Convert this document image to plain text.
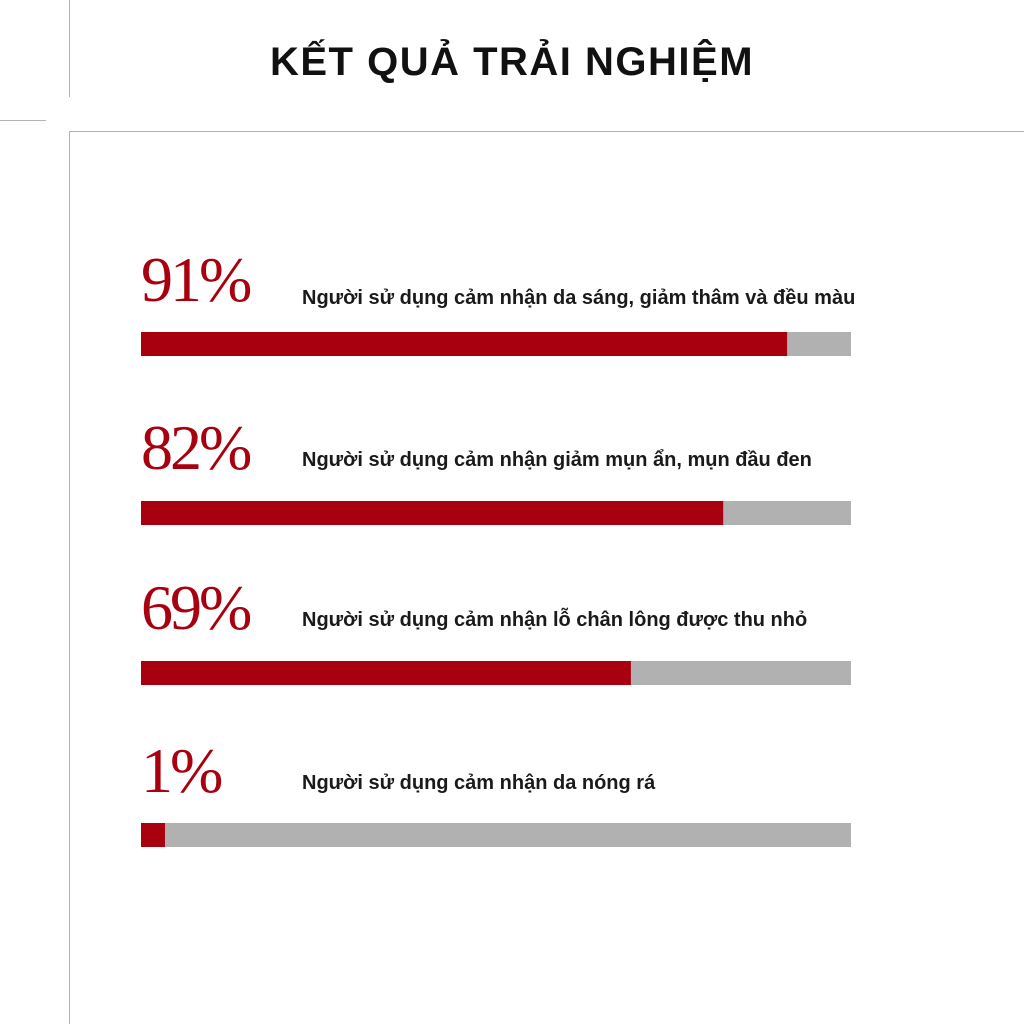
KẾT QUẢ TRẢI NGHIỆM
91%	Người sử dụng cảm nhận da sáng, giảm thâm và đều màu
82%	Người sử dụng cảm nhận giảm mụn ẩn, mụn đầu đen
69%	Người sử dụng cảm nhận lỗ chân lông được thu nhỏ
1%	Người sử dụng cảm nhận da nóng rá
